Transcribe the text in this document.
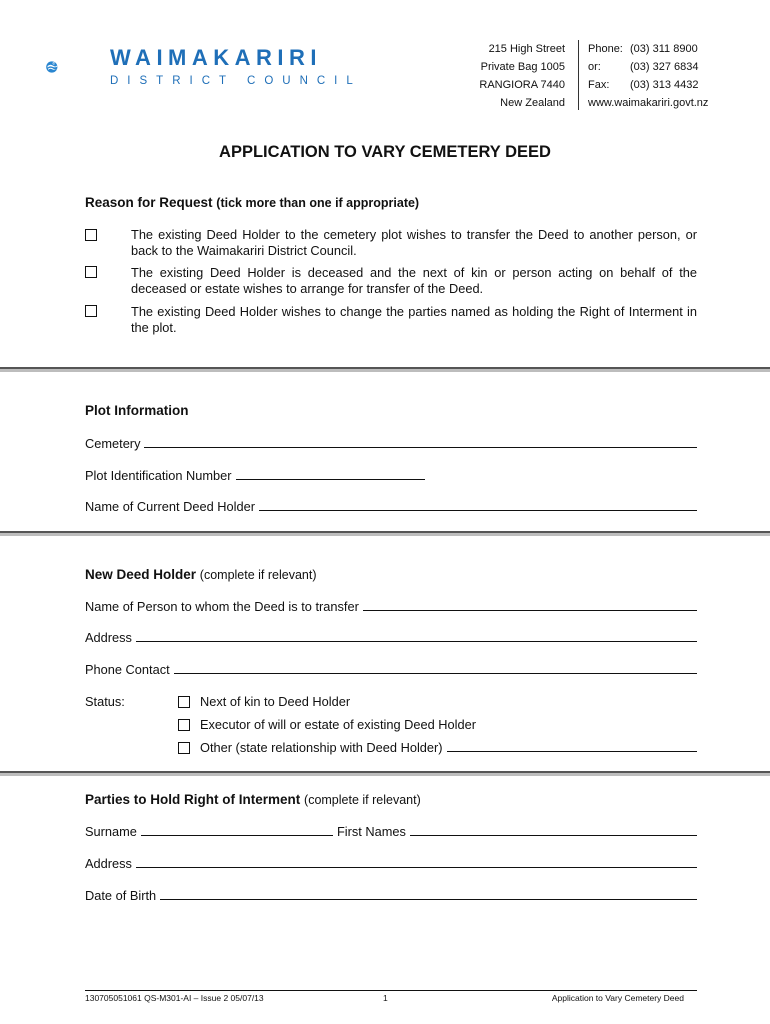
WAIMAKARIRI
DISTRICT COUNCIL
215 High Street
Private Bag 1005
RANGIORA 7440
New Zealand
Phone: (03) 311 8900
or:	(03) 327 6834
Fax: (03) 313 4432
www.waimakariri.govt.nz
APPLICATION TO VARY CEMETERY DEED
Reason for Request (tick more than one if appropriate)
The existing Deed Holder to the cemetery plot wishes to transfer the Deed to another person, or back to the Waimakariri District Council.
The existing Deed Holder is deceased and the next of kin or person acting on behalf of the deceased or estate wishes to arrange for transfer of the Deed.
The existing Deed Holder wishes to change the parties named as holding the Right of Interment in the plot.
Plot Information
Cemetery
Plot Identification Number
Name of Current Deed Holder
New Deed Holder (complete if relevant)
Name of Person to whom the Deed is to transfer
Address
Phone Contact
Status:	Next of kin to Deed Holder
Executor of will or estate of existing Deed Holder
Other (state relationship with Deed Holder)
Parties to Hold Right of Interment (complete if relevant)
Surname	First Names
Address
Date of Birth
130705051061 QS-M301-AI – Issue 2 05/07/13	1	Application to Vary Cemetery Deed
